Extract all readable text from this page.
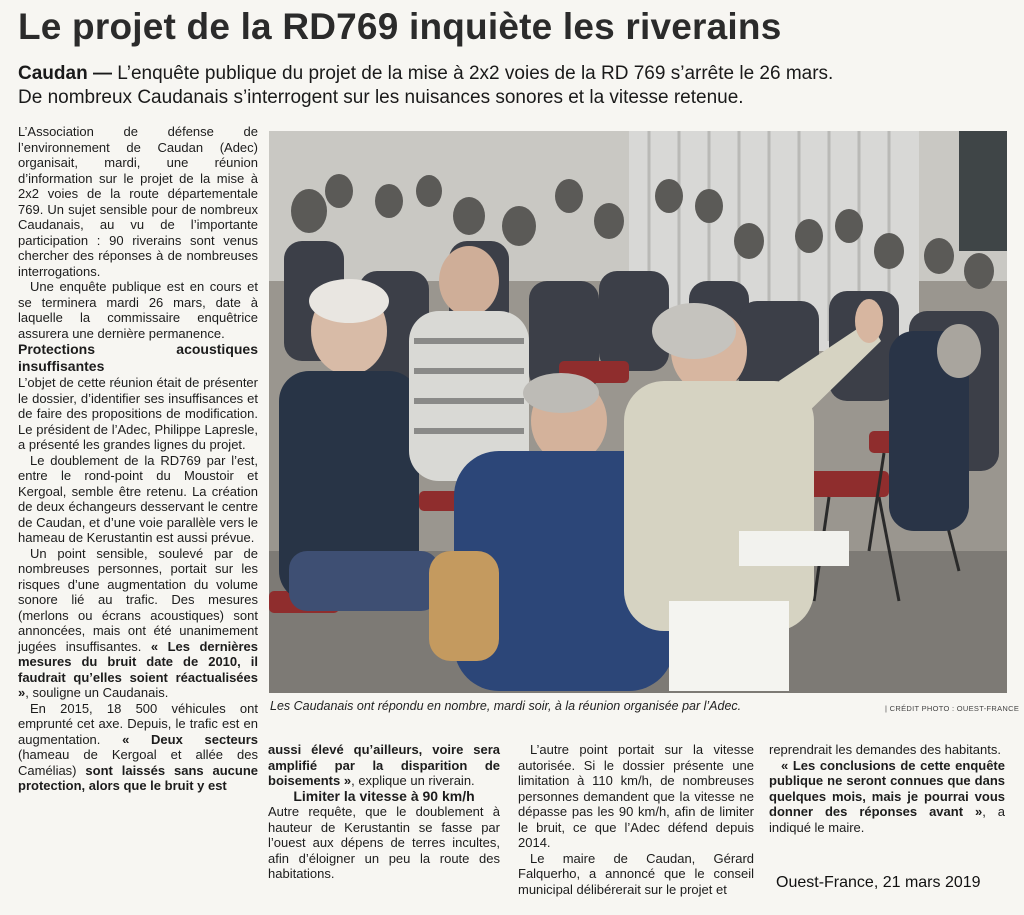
Le projet de la RD769 inquiète les riverains
Caudan — L’enquête publique du projet de la mise à 2x2 voies de la RD 769 s’arrête le 26 mars.
De nombreux Caudanais s’interrogent sur les nuisances sonores et la vitesse retenue.

L’Association de défense de l’environnement de Caudan (Adec) organisait, mardi, une réunion d’information sur le projet de la mise à 2x2 voies de la route départementale 769. Un sujet sensible pour de nombreux Caudanais, au vu de l’importante participation : 90 riverains sont venus chercher des réponses à de nombreuses interrogations.

Une enquête publique est en cours et se terminera mardi 26 mars, date à laquelle la commissaire enquêtrice assurera une dernière permanence.

Protections acoustiques insuffisantes

L’objet de cette réunion était de présenter le dossier, d’identifier ses insuffisances et de faire des propositions de modification. Le président de l’Adec, Philippe Lapresle, a présenté les grandes lignes du projet.

Le doublement de la RD769 par l’est, entre le rond-point du Moustoir et Kergoal, semble être retenu. La création de deux échangeurs desservant le centre de Caudan, et d’une voie parallèle vers le hameau de Kerustantin est aussi prévue.

Un point sensible, soulevé par de nombreuses personnes, portait sur les risques d’une augmentation du volume sonore lié au trafic. Des mesures (merlons ou écrans acoustiques) sont annoncées, mais ont été unanimement jugées insuffisantes. « Les dernières mesures du bruit date de 2010, il faudrait qu’elles soient réactualisées », souligne un Caudanais.

En 2015, 18 500 véhicules ont emprunté cet axe. Depuis, le trafic est en augmentation. « Deux secteurs (hameau de Kergoal et allée des Camélias) sont laissés sans aucune protection, alors que le bruit y est

Les Caudanais ont répondu en nombre, mardi soir, à la réunion organisée par l’Adec.	| CRÉDIT PHOTO : OUEST-FRANCE

aussi élevé qu’ailleurs, voire sera amplifié par la disparition de boisements », explique un riverain.

Limiter la vitesse à 90 km/h

Autre requête, que le doublement à hauteur de Kerustantin se fasse par l’ouest aux dépens de terres incultes, afin d’éloigner un peu la route des habitations.

L’autre point portait sur la vitesse autorisée. Si le dossier présente une limitation à 110 km/h, de nombreuses personnes demandent que la vitesse ne dépasse pas les 90 km/h, afin de limiter le bruit, ce que l’Adec défend depuis 2014.

Le maire de Caudan, Gérard Falquerho, a annoncé que le conseil municipal délibérerait sur le projet et

reprendrait les demandes des habitants.

« Les conclusions de cette enquête publique ne seront connues que dans quelques mois, mais je pourrai vous donner des réponses avant », a indiqué le maire.

Ouest-France, 21 mars 2019
